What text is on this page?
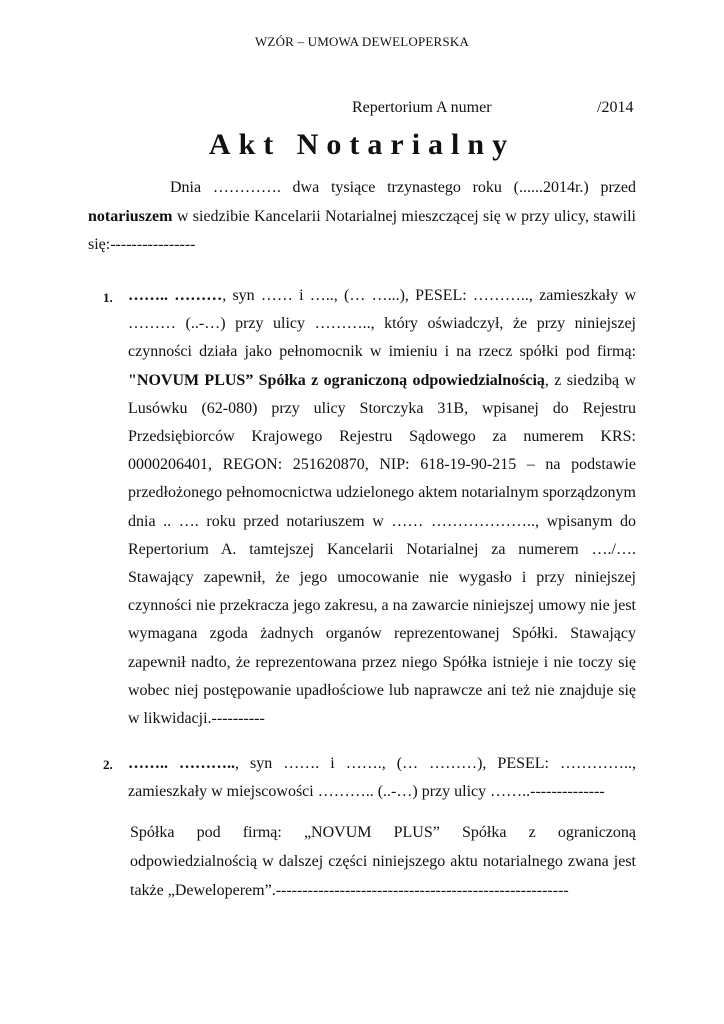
WZÓR – UMOWA DEWELOPERSKA
Repertorium A numer	/2014
Akt Notarialny

Dnia …………. dwa tysiące trzynastego roku (......2014r.) przed notariuszem w siedzibie Kancelarii Notarialnej mieszczącej się w przy ulicy, stawili się:----------------

1. …….. ………, syn …… i ….., (… …...), PESEL: ……….., zamieszkały w ……… (..-…) przy ulicy ……….., który oświadczył, że przy niniejszej czynności działa jako pełnomocnik w imieniu i na rzecz spółki pod firmą: "NOVUM PLUS” Spółka z ograniczoną odpowiedzialnością, z siedzibą w Lusówku (62-080) przy ulicy Storczyka 31B, wpisanej do Rejestru Przedsiębiorców Krajowego Rejestru Sądowego za numerem KRS: 0000206401, REGON: 251620870, NIP: 618-19-90-215 – na podstawie przedłożonego pełnomocnictwa udzielonego aktem notarialnym sporządzonym dnia .. …. roku przed notariuszem w …… ……………….., wpisanym do Repertorium A. tamtejszej Kancelarii Notarialnej za numerem …./…. Stawający zapewnił, że jego umocowanie nie wygasło i przy niniejszej czynności nie przekracza jego zakresu, a na zawarcie niniejszej umowy nie jest wymagana zgoda żadnych organów reprezentowanej Spółki. Stawający zapewnił nadto, że reprezentowana przez niego Spółka istnieje i nie toczy się wobec niej postępowanie upadłościowe lub naprawcze ani też nie znajduje się w likwidacji.----------

2. …….. ……….., syn ……. i ……., (… ………), PESEL: ………….., zamieszkały w miejscowości ……….. (..-…) przy ulicy ……..--------------

Spółka pod firmą: „NOVUM PLUS” Spółka z ograniczoną odpowiedzialnością w dalszej części niniejszego aktu notarialnego zwana jest także „Deweloperem”.-------------------------------------------------------
